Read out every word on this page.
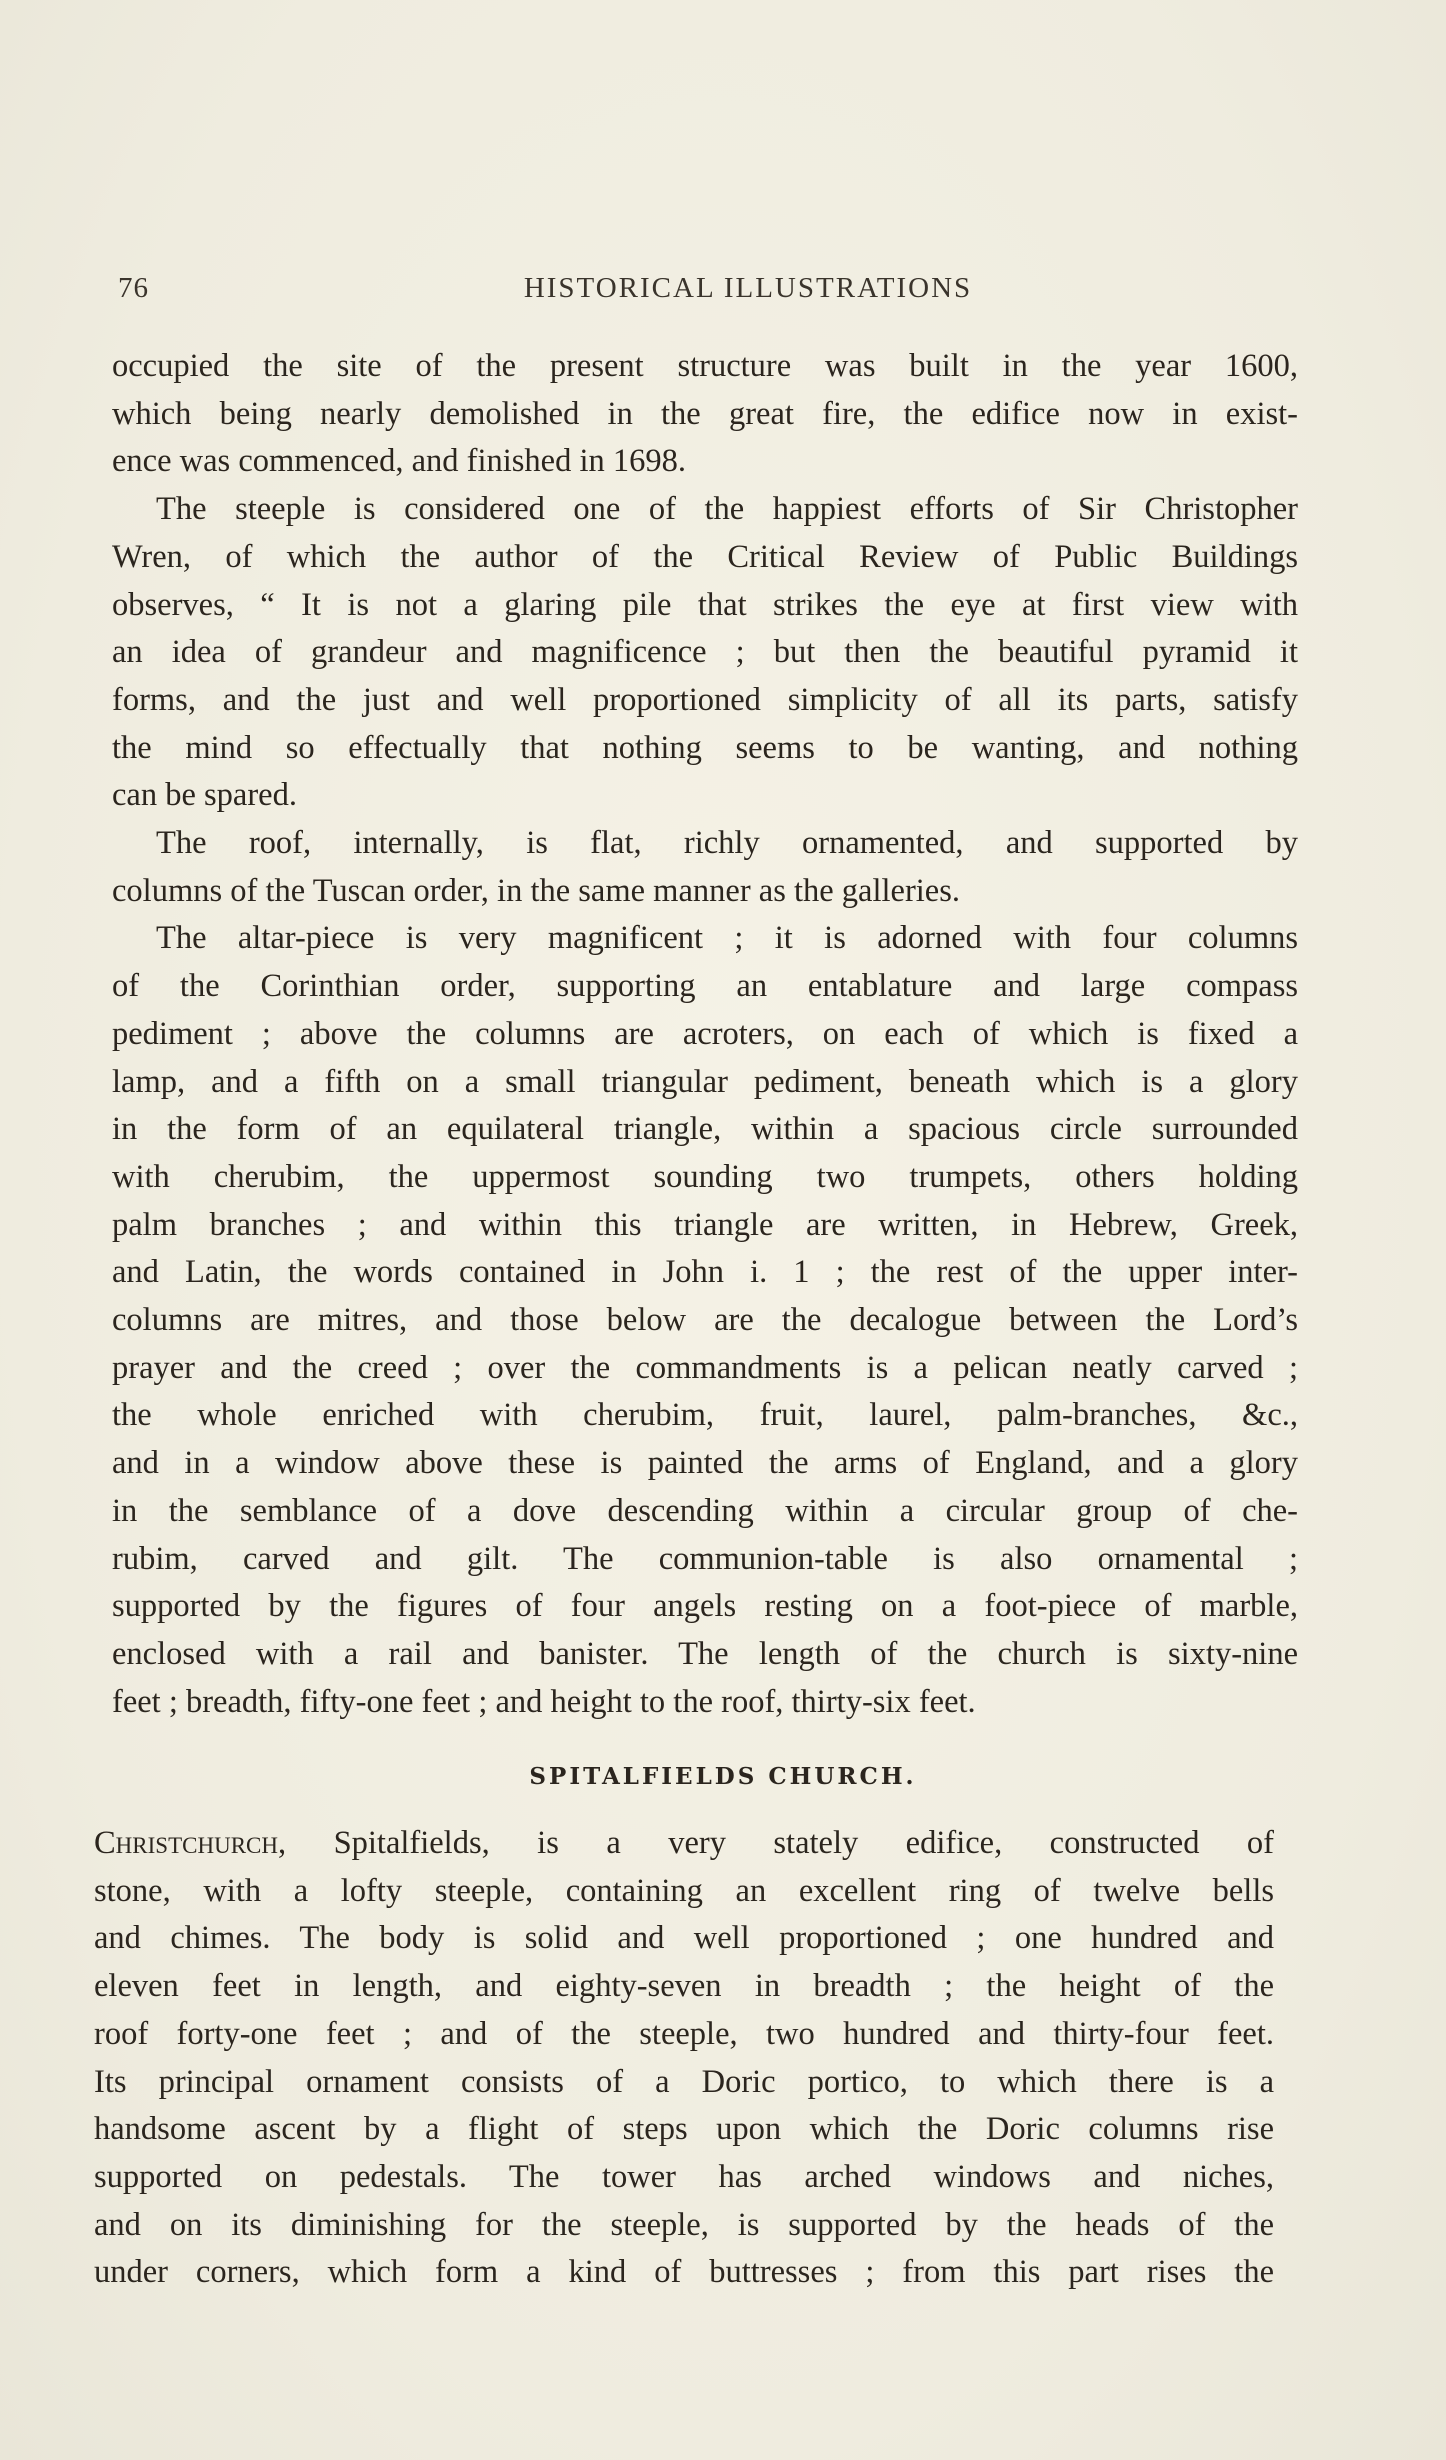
76	HISTORICAL ILLUSTRATIONS
occupied the site of the present structure was built in the year 1600,
which being nearly demolished in the great fire, the edifice now in exist-
ence was commenced, and finished in 1698.
The steeple is considered one of the happiest efforts of Sir Christopher
Wren, of which the author of the Critical Review of Public Buildings
observes, “ It is not a glaring pile that strikes the eye at first view with
an idea of grandeur and magnificence ; but then the beautiful pyramid it
forms, and the just and well proportioned simplicity of all its parts, satisfy
the mind so effectually that nothing seems to be wanting, and nothing
can be spared.
The roof, internally, is flat, richly ornamented, and supported by
columns of the Tuscan order, in the same manner as the galleries.
The altar-piece is very magnificent ; it is adorned with four columns
of the Corinthian order, supporting an entablature and large compass
pediment ; above the columns are acroters, on each of which is fixed a
lamp, and a fifth on a small triangular pediment, beneath which is a glory
in the form of an equilateral triangle, within a spacious circle surrounded
with cherubim, the uppermost sounding two trumpets, others holding
palm branches ; and within this triangle are written, in Hebrew, Greek,
and Latin, the words contained in John i. 1 ; the rest of the upper inter-
columns are mitres, and those below are the decalogue between the Lord’s
prayer and the creed ; over the commandments is a pelican neatly carved ;
the whole enriched with cherubim, fruit, laurel, palm-branches, &c.,
and in a window above these is painted the arms of England, and a glory
in the semblance of a dove descending within a circular group of che-
rubim, carved and gilt. The communion-table is also ornamental ;
supported by the figures of four angels resting on a foot-piece of marble,
enclosed with a rail and banister. The length of the church is sixty-nine
feet ; breadth, fifty-one feet ; and height to the roof, thirty-six feet.
SPITALFIELDS CHURCH.
Christchurch, Spitalfields, is a very stately edifice, constructed of
stone, with a lofty steeple, containing an excellent ring of twelve bells
and chimes. The body is solid and well proportioned ; one hundred and
eleven feet in length, and eighty-seven in breadth ; the height of the
roof forty-one feet ; and of the steeple, two hundred and thirty-four feet.
Its principal ornament consists of a Doric portico, to which there is a
handsome ascent by a flight of steps upon which the Doric columns rise
supported on pedestals. The tower has arched windows and niches,
and on its diminishing for the steeple, is supported by the heads of the
under corners, which form a kind of buttresses ; from this part rises the
